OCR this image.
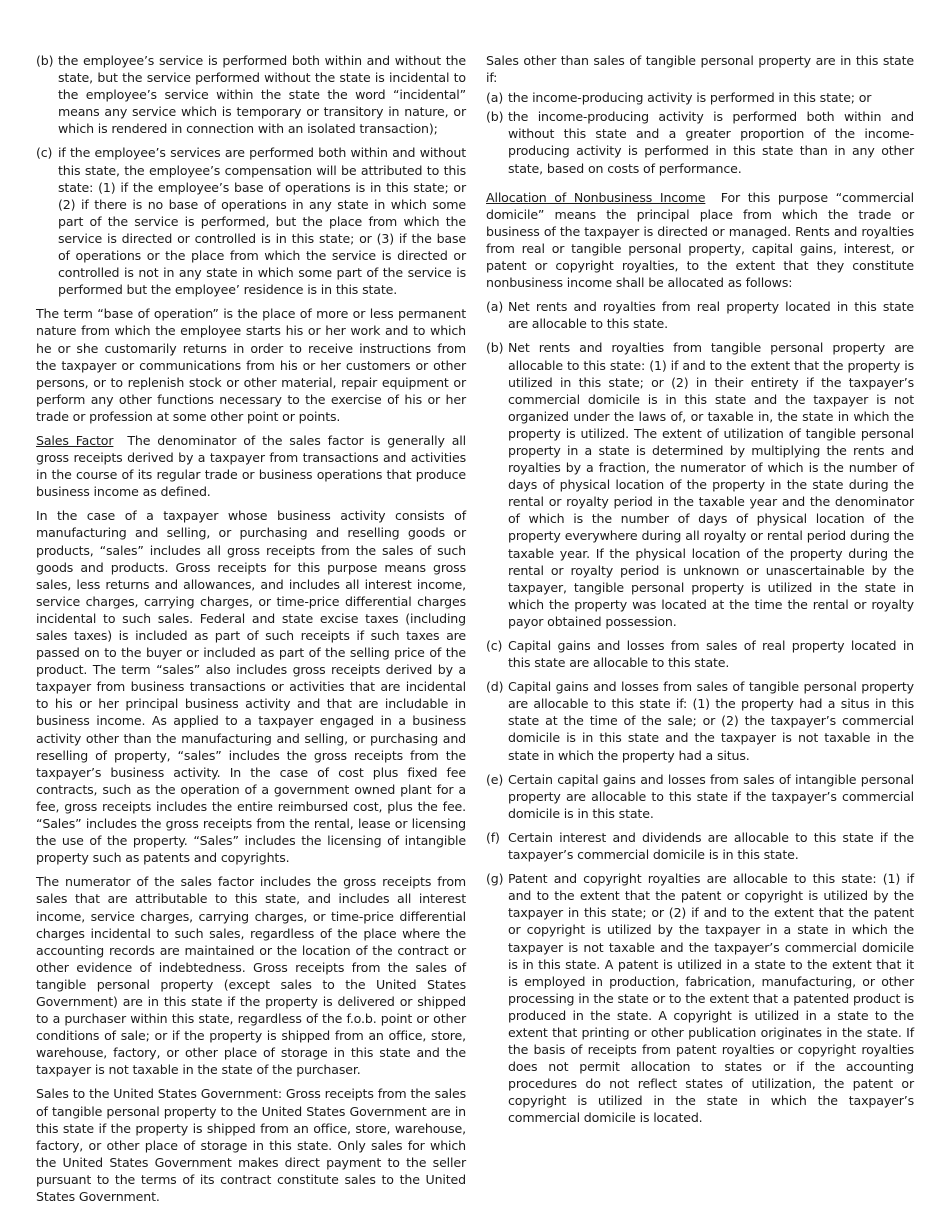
(b) the employee’s service is performed both within and without the state, but the service performed without the state is incidental to the employee’s service within the state the word “incidental” means any service which is temporary or transitory in nature, or which is rendered in connection with an isolated transaction);
(c) if the employee’s services are performed both within and without this state, the employee’s compensation will be attributed to this state: (1) if the employee’s base of operations is in this state; or (2) if there is no base of operations in any state in which some part of the service is performed, but the place from which the service is directed or controlled is in this state; or (3) if the base of operations or the place from which the service is directed or controlled is not in any state in which some part of the service is performed but the employee’ residence is in this state.

The term “base of operation” is the place of more or less permanent nature from which the employee starts his or her work and to which he or she customarily returns in order to receive instructions from the taxpayer or communications from his or her customers or other persons, or to replenish stock or other material, repair equipment or perform any other functions necessary to the exercise of his or her trade or profession at some other point or points.

Sales Factor The denominator of the sales factor is generally all gross receipts derived by a taxpayer from transactions and activities in the course of its regular trade or business operations that produce business income as defined.

In the case of a taxpayer whose business activity consists of manufacturing and selling, or purchasing and reselling goods or products, “sales” includes all gross receipts from the sales of such goods and products. Gross receipts for this purpose means gross sales, less returns and allowances, and includes all interest income, service charges, carrying charges, or time-price differential charges incidental to such sales. Federal and state excise taxes (including sales taxes) is included as part of such receipts if such taxes are passed on to the buyer or included as part of the selling price of the product. The term “sales” also includes gross receipts derived by a taxpayer from business transactions or activities that are incidental to his or her principal business activity and that are includable in business income. As applied to a taxpayer engaged in a business activity other than the manufacturing and selling, or purchasing and reselling of property, “sales” includes the gross receipts from the taxpayer’s business activity. In the case of cost plus fixed fee contracts, such as the operation of a government owned plant for a fee, gross receipts includes the entire reimbursed cost, plus the fee. “Sales” includes the gross receipts from the rental, lease or licensing the use of the property. “Sales” includes the licensing of intangible property such as patents and copyrights.

The numerator of the sales factor includes the gross receipts from sales that are attributable to this state, and includes all interest income, service charges, carrying charges, or time-price differential charges incidental to such sales, regardless of the place where the accounting records are maintained or the location of the contract or other evidence of indebtedness. Gross receipts from the sales of tangible personal property (except sales to the United States Government) are in this state if the property is delivered or shipped to a purchaser within this state, regardless of the f.o.b. point or other conditions of sale; or if the property is shipped from an office, store, warehouse, factory, or other place of storage in this state and the taxpayer is not taxable in the state of the purchaser.

Sales to the United States Government: Gross receipts from the sales of tangible personal property to the United States Government are in this state if the property is shipped from an office, store, warehouse, factory, or other place of storage in this state. Only sales for which the United States Government makes direct payment to the seller pursuant to the terms of its contract constitute sales to the United States Government.

Sales other than sales of tangible personal property are in this state if:

(a) the income-producing activity is performed in this state; or
(b) the income-producing activity is performed both within and without this state and a greater proportion of the income-producing activity is performed in this state than in any other state, based on costs of performance.

Allocation of Nonbusiness Income For this purpose “commercial domicile” means the principal place from which the trade or business of the taxpayer is directed or managed. Rents and royalties from real or tangible personal property, capital gains, interest, or patent or copyright royalties, to the extent that they constitute nonbusiness income shall be allocated as follows:

(a) Net rents and royalties from real property located in this state are allocable to this state.
(b) Net rents and royalties from tangible personal property are allocable to this state: (1) if and to the extent that the property is utilized in this state; or (2) in their entirety if the taxpayer’s commercial domicile is in this state and the taxpayer is not organized under the laws of, or taxable in, the state in which the property is utilized. The extent of utilization of tangible personal property in a state is determined by multiplying the rents and royalties by a fraction, the numerator of which is the number of days of physical location of the property in the state during the rental or royalty period in the taxable year and the denominator of which is the number of days of physical location of the property everywhere during all royalty or rental period during the taxable year. If the physical location of the property during the rental or royalty period is unknown or unascertainable by the taxpayer, tangible personal property is utilized in the state in which the property was located at the time the rental or royalty payor obtained possession.
(c) Capital gains and losses from sales of real property located in this state are allocable to this state.
(d) Capital gains and losses from sales of tangible personal property are allocable to this state if: (1) the property had a situs in this state at the time of the sale; or (2) the taxpayer’s commercial domicile is in this state and the taxpayer is not taxable in the state in which the property had a situs.
(e) Certain capital gains and losses from sales of intangible personal property are allocable to this state if the taxpayer’s commercial domicile is in this state.
(f) Certain interest and dividends are allocable to this state if the taxpayer’s commercial domicile is in this state.
(g) Patent and copyright royalties are allocable to this state: (1) if and to the extent that the patent or copyright is utilized by the taxpayer in this state; or (2) if and to the extent that the patent or copyright is utilized by the taxpayer in a state in which the taxpayer is not taxable and the taxpayer’s commercial domicile is in this state. A patent is utilized in a state to the extent that it is employed in production, fabrication, manufacturing, or other processing in the state or to the extent that a patented product is produced in the state. A copyright is utilized in a state to the extent that printing or other publication originates in the state. If the basis of receipts from patent royalties or copyright royalties does not permit allocation to states or if the accounting procedures do not reflect states of utilization, the patent or copyright is utilized in the state in which the taxpayer’s commercial domicile is located.
